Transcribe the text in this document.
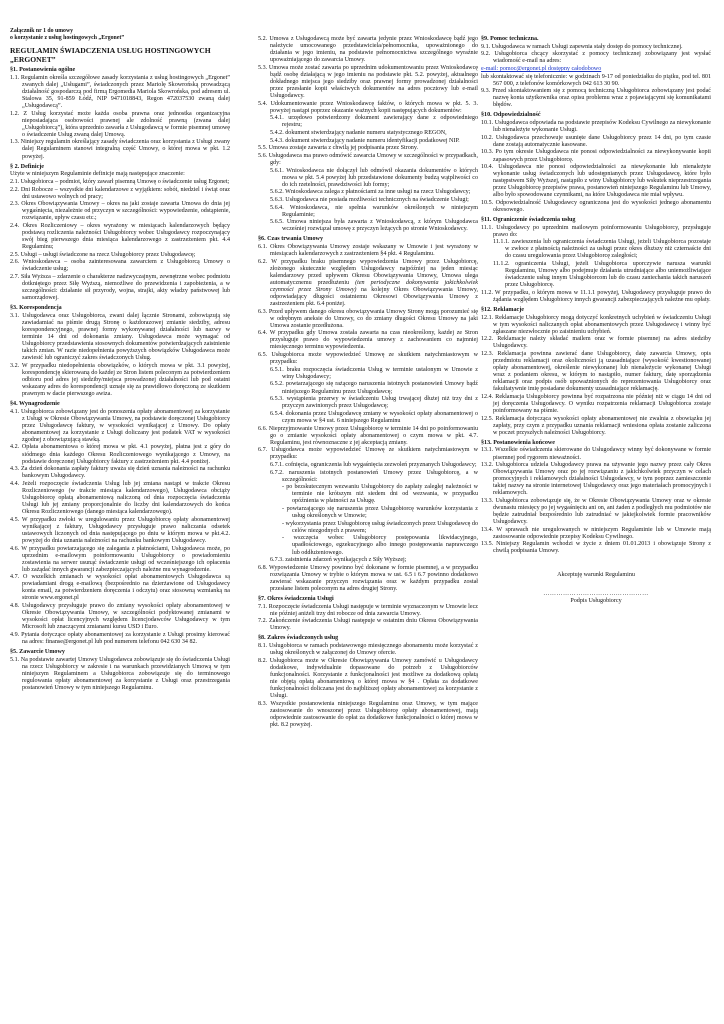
Załącznik nr 1 do umowy
o korzystanie z usług hostingowych „Ergonet”
REGULAMIN ŚWIADCZENIA USŁUG HOSTINGOWYCH „ERGONET”

§1. Postanowienia ogólne

1.1. Regulamin określa szczegółowe zasady korzystania z usług hostingowych „Ergonet” zwanych dalej „Usługami”, świadczonych przez Mariolę Skowrońską prowadzącą działalność gospodarczą pod firmą Ergomedia Mariola Skowrońska, pod adresem ul. Stalowa 35, 91-859 Łódź, NIP 9471018843, Regon 472037530 zwaną dalej „Usługodawcą”.

1.2. Z Usług korzystać może każda osoba prawna oraz jednostka organizacyjna nieposiadająca osobowości prawnej ale zdolność prawną (zwana dalej „Usługobiorcą”), która uprzednio zawarła z Usługodawcą w formie pisemnej umowę o świadczenie Usług zwaną dalej Umową.

1.3. Niniejszy regulamin określający zasady świadczenia oraz korzystania z Usługi zwany dalej Regulaminem stanowi integralną część Umowy, o której mowa w pkt. 1.2 powyżej.

§ 2. Definicje

Użyte w niniejszym Regulaminie definicje mają następujące znaczenie:

2.1. Usługobiorca – podmiot, który zawarł pisemną Umowę o świadczenie usług Ergonet;

2.2. Dni Robocze – wszystkie dni kalendarzowe z wyjątkiem: sobót, niedziel i świąt oraz dni ustawowo wolnych od pracy;

2.3. Okres Obowiązywania Umowy – okres na jaki zostaje zawarta Umowa do dnia jej wygaśnięcia, niezależnie od przyczyn w szczególności: wypowiedzenie, odstąpienie, rozwiązanie, upływ czasu etc.;

2.4. Okres Rozliczeniowy – okres wyrażony w miesiącach kalendarzowych będący podstawą rozliczenia należności Usługobiorcy wobec Usługodawcy rozpoczynający swój bieg pierwszego dnia miesiąca kalendarzowego z zastrzeżeniem pkt. 4.4 Regulaminu;

2.5. Usługi – usługi świadczone na rzecz Usługobiorcy przez Usługodawcę;

2.6. Wnioskodawca – osoba zainteresowana zawarciem z Usługobiorcą Umowy o świadczenie usług;

2.7. Siła Wyższa – zdarzenie o charakterze nadzwyczajnym, zewnętrzne wobec podmiotu dotkniętego przez Siłę Wyższą, niemożliwe do przewidzenia i zapobieżenia, a w szczególności: działanie sił przyrody, wojna, strajki, akty władzy państwowej lub samorządowej.

§3. Korespondencja

3.1. Usługodawca oraz Usługobiorca, zwani dalej łącznie Stronami, zobowiązują się zawiadamiać na piśmie drugą Stronę o każdorazowej zmianie siedziby, adresu korespondencyjnego, prawnej formy wykonywanej działalności lub nazwy w terminie 14 dni od dokonania zmiany. Usługodawca może wymagać od Usługobiorcy przedstawienia stosownych dokumentów potwierdzających zaistnienie takich zmian. W razie niedopełnienia powyższych obowiązków Usługodawca może zawiesić lub ograniczyć zakres świadczonych Usług.

3.2. W przypadku niedopełnienia obowiązków, o których mowa w pkt. 3.1 powyżej, korespondencję skierowaną do każdej ze Stron listem poleconym za potwierdzeniem odbioru pod adres jej siedziby/miejsca prowadzonej działalności lub pod ostatni wskazany adres do korespondencji uznaje się za prawidłowo doręczoną ze skutkiem prawnym w dacie pierwszego awiza.

§4. Wynagrodzenie

4.1. Usługobiorca zobowiązany jest do ponoszenia opłaty abonamentowej za korzystanie z Usługi w Okresie Obowiązywania Umowy, na podstawie doręczonej Usługobiorcy przez Usługodawcę faktury, w wysokości wynikającej z Umowy. Do opłaty abonamentowej za korzystanie z Usługi doliczany jest podatek VAT w wysokości zgodnej z obowiązującą stawką.

4.2. Opłata abonamentowa o której mowa w pkt. 4.1 powyżej, płatna jest z góry do siódmego dnia każdego Okresu Rozliczeniowego wynikającego z Umowy, na podstawie doręczonej Usługobiorcy faktury z zastrzeżeniem pkt. 4.4 poniżej.

4.3. Za dzień dokonania zapłaty faktury uważa się dzień uznania należności na rachunku bankowym Usługodawcy.

4.4. Jeżeli rozpoczęcie świadczenia Usług lub jej zmiana nastąpi w trakcie Okresu Rozliczeniowego (w trakcie miesiąca kalendarzowego), Usługodawca obciąży Usługobiorcę opłatą abonamentową naliczoną od dnia rozpoczęcia świadczenia Usługi lub jej zmiany proporcjonalnie do liczby dni kalendarzowych do końca Okresu Rozliczeniowego (danego miesiąca kalendarzowego).

4.5. W przypadku zwłoki w uregulowaniu przez Usługobiorcę opłaty abonamentowej wynikającej z faktury, Usługodawcy przysługuje prawo naliczania odsetek ustawowych liczonych od dnia następującego po dniu w którym mowa w pkt.4.2. powyżej do dnia uznania należności na rachunku bankowym Usługodawcy.

4.6. W przypadku powtarzającego się zalegania z płatnościami, Usługodawca może, po uprzednim e-mailowym poinformowaniu Usługobiorcy o powiadomieniu zostawienia na serwer usunąć świadczenie usługi od wcześniejszego ich opłacenia lub zażądać innych gwarancji zabezpieczających należne mu wynagrodzenie.

4.7. O wszelkich zmianach w wysokości opłat abonamentowych Usługodawca są powiadamiani drogą e-mailową (bezpośrednio na dzierżawione od Usługodawcy konta email, za potwierdzeniem doręczenia i odczytu) oraz stosowną wzmianką na stronie www.ergonet.pl

4.8. Usługodawcy przysługuje prawo do zmiany wysokości opłaty abonamentowej w Okresie Obowiązywania Umowy, w szczególności podyktowanej zmianami w wysokości opłat licencyjnych względem licencjodawców Usługodawcy w tym Microsoft lub znaczącymi zmianami kursu USD i Euro.

4.9. Pytania dotyczące opłaty abonamentowej za korzystanie z Usługi prosimy kierować na adres: finanse@ergonet.pl lub pod numerem telefonu 042 630 34 82.

§5. Zawarcie Umowy

5.1. Na podstawie zawartej Umowy Usługodawca zobowiązuje się do świadczenia Usługi na rzecz Usługobiorcy w zakresie i na warunkach przewidzianych Umową w tym niniejszym Regulaminem a Usługobiorca zobowiązuje się do terminowego regulowania opłaty abonamentowej za korzystanie z Usługi oraz przestrzegania postanowień Umowy w tym niniejszego Regulaminu.

5.2. Umowa z Usługodawcą może być zawarta jedynie przez Wnioskodawcę bądź jego należycie umocowanego przedstawiciela/pełnomocnika, upoważnionego do działania w jego imieniu, na podstawie pełnomocnictwa szczególnego wyraźnie upoważniającego do zawarcia Umowy.

5.3. Umowa może zostać zawarta po uprzednim udokumentowaniu przez Wnioskodawcę bądź osobę działającą w jego imieniu na podstawie pkt. 5.2. powyżej, aktualnego dokładnego miejsca jego siedziby oraz prawnej formy prowadzonej działalności przez przesłanie kopii właściwych dokumentów na adres pocztowy lub e-mail Usługodawcy.

5.4. Udokumentowanie przez Wnioskodawcę faktów, o których mowa w pkt. 5. 3. powyżej nastąpi poprzez okazanie ważnych kopii następujących dokumentów:

5.4.1. urzędowo potwierdzony dokument zawierający dane z odpowiedniego rejestru;

5.4.2. dokument stwierdzający nadanie numeru statystycznego REGON,

5.4.3. dokument stwierdzający nadanie numeru identyfikacji podatkowej NIP.

5.5. Umowa zostaje zawarta z chwilą jej podpisania przez Strony.

5.6. Usługodawca ma prawo odmówić zawarcia Umowy w szczególności w przypadkach, gdy:

5.6.1. Wnioskodawca nie dołączył lub odmówił okazania dokumentów o których mowa w pkt. 5.4 powyżej lub przedstawione dokumenty budzą wątpliwości co do ich rzetelności, prawdziwości lub formy;

5.6.2. Wnioskodawca zalega z płatnościami za inne usługi na rzecz Usługodawcy;

5.6.3. Usługodawca nie posiada możliwości technicznych na świadczenie Usługi;

5.6.4. Wnioskodawca, nie spełnia warunków określonych w niniejszym Regulaminie;

5.6.5. Umowa niniejsza była zawarta z Wnioskodawcą, z którym Usługodawca wcześniej rozwiązał umowę z przyczyn leżących po stronie Wnioskodawcy.

§6. Czas trwania Umowy

6.1. Okres Obowiązywania Umowy zostaje wskazany w Umowie i jest wyrażony w miesiącach kalendarzowych z zastrzeżeniem §4 pkt. 4 Regulaminu.

6.2. W przypadku braku pisemnego wypowiedzenia Umowy przez Usługobiorcę, złożonego skutecznie względem Usługodawcy najpóźniej na jeden miesiąc kalendarzowy przed upływem Okresu Obowiązywania Umowy, Umowa ulega automatycznemu przedłużeniu (ten periodyczne dokonywania jakichkolwiek czynności przez Strony Umowy) na kolejny Okres Obowiązywania Umowy, odpowiadający długości ostatniemu Okresowi Obowiązywania Umowy z zastrzeżeniem pkt. 6.4 poniżej.

6.3. Przed upływem danego okresu obowiązywania Umowy Strony mogą porozumieć się w odrębnym aneksie do Umowy, co do zmiany długości Okresu Umowy na jaki Umowa zostanie przedłużona.

6.4. W przypadku gdy Umowa została zawarta na czas nieokreślony, każdej ze Stron przysługuje prawo do wypowiedzenia umowy z zachowaniem co najmniej miesięcznego terminu wypowiedzenia.

6.5. Usługobiorca może wypowiedzieć Umowę ze skutkiem natychmiastowym w przypadku:

6.5.1. braku rozpoczęcia świadczenia Usług w terminie ustalonym w Umowie z winy Usługodawcy;

6.5.2. powtarzającego się rażącego naruszenia istotnych postanowień Umowy bądź niniejszego Regulaminu przez Usługodawcę;

6.5.3. wystąpienia przerwy w świadczeniu Usług trwającej dłużej niż trzy dni z przyczyn zawinionych przez Usługodawcę;

6.5.4. dokonania przez Usługodawcę zmiany w wysokości opłaty abonamentowej o czym mowa w §4 ust. 6 niniejszego Regulaminu

6.6. Nieprzyjmowanie Umowy przez Usługobiorcę w terminie 14 dni po poinformowaniu go o zmianie wysokości opłaty abonamentowej o czym mowa w pkt. 4.7. Regulaminu, jest równoznaczne z jej akceptacją zmiany.

6.7. Usługodawca może wypowiedzieć Umowę ze skutkiem natychmiastowym w przypadku:

6.7.1. cofnięcia, ograniczenia lub wygaśnięcia zezwoleń przyznanych Usługodawcy;

6.7.2. naruszenia istotnych postanowień Umowy przez Usługobiorcę, a w szczególności:

- po bezskutecznym wezwaniu Usługobiorcy do zapłaty zaległej należności w terminie nie krótszym niż siedem dni od wezwania, w przypadku opóźnienia w płatności za Usługę.

- powtarzającego się naruszenia przez Usługobiorcę warunków korzystania z usług określonych w Umowie;

- wykorzystania przez Usługobiorcę usług świadczonych przez Usługodawcę do celów niezgodnych z prawem;

- wszczęcia wobec Usługobiorcy postępowania likwidacyjnego, upadłościowego, egzekucyjnego albo innego postępowania naprawczego lub oddłużeniowego.

6.7.3. zaistnienia zdarzeń wynikających z Siły Wyższej;

6.8. Wypowiedzenie Umowy powinno być dokonane w formie pisemnej, a w przypadku rozwiązania Umowy w trybie o którym mowa w ust. 6.5 i 6.7 powinno dodatkowo zawierać wskazanie przyczyn rozwiązania oraz w każdym przypadku został przesłane listem poleconym na adres drugiej Strony.

§7. Okres świadczenia Usługi

7.1. Rozpoczęcie świadczenia Usługi następuje w terminie wyznaczonym w Umowie lecz nie później aniżeli trzy dni robocze od dnia zawarcia Umowy.

7.2. Zakończenie świadczenia Usługi następuje w ostatnim dniu Okresu Obowiązywania Umowy.

§8. Zakres świadczonych usług

8.1. Usługobiorca w ramach podstawowego miesięcznego abonamentu może korzystać z usług określonych w załączonej do Umowy ofercie.

8.2. Usługobiorca może w Okresie Obowiązywania Umowy zamówić u Usługodawcy dodatkowe, indywidualnie dopasowane do potrzeb z Usługobiorców funkcjonalności. Korzystanie z funkcjonalności jest możliwe za dodatkową opłatą nie objętą opłatą abonamentową o której mowa w §4 . Opłata za dodatkowe funkcjonalności doliczana jest do najbliższej opłaty abonamentowej za korzystanie z Usługi.

8.3. Wszystkie postanowienia niniejszego Regulaminu oraz Umowy, w tym mające zastosowanie do wnoszonej przez Usługobiorcę opłaty abonamentowej, mają odpowiednie zastosowanie do opłat za dodatkowe funkcjonalności o której mowa w pkt. 8.2 powyżej.

§9. Pomoc techniczna.

9.1. Usługodawca w ramach Usługi zapewnia stały dostęp do pomocy technicznej.

9.2. Usługobiorca chcący skorzystać z pomocy technicznej zobowiązany jest wysłać wiadomość e-mail na adres:

e-mail: pomoc@ergonet.pl dostępny całodobowo

lub skontaktować się telefonicznie: w godzinach 9-17 od poniedziałku do piątku, pod tel. 801 567 000, z telefonów komórkowych 042 613 30 90.

9.3. Przed skontaktowaniem się z pomocą techniczną Usługobiorca zobowiązany jest podać nazwę konta użytkownika oraz opisu problemu wraz z pojawiającymi się komunikatami błędów.

§10. Odpowiedzialność

10.1. Usługodawca odpowiada na podstawie przepisów Kodeksu Cywilnego za niewykonanie lub nienależyte wykonanie Usługi.

10.2. Usługodawca przechowuje usunięte dane Usługobiorcy przez 14 dni, po tym czasie dane zostają automatycznie kasowane.

10.3. Po tym okresie Usługodawca nie ponosi odpowiedzialności za niewykonywanie kopii zapasowych przez Usługobiorcę.

10.4. Usługodawca nie ponosi odpowiedzialności za niewykonanie lub nienależyte wykonanie usług świadczonych lub udostępnianych przez Usługodawcę, które było następstwem Siły Wyższej, nastąpiło z winy Usługobiorcy lub wskutek nieprzestrzegania przez Usługobiorcę przepisów prawa, postanowień niniejszego Regulaminu lub Umowy, albo było spowodowane czynnikami, na które Usługodawca nie miał wpływu.

10.5. Odpowiedzialność Usługodawcy ograniczona jest do wysokości jednego abonamentu okresowego.

§11. Ograniczenie świadczenia usług

11.1. Usługodawcy po uprzednim mailowym poinformowaniu Usługobiorcy, przysługuje prawo do:

11.1.1. zawieszenia lub ograniczenia świadczenia Usługi, jeżeli Usługobiorca pozostaje w zwłoce z płatnością należności za usługi przez okres dłuższy niż czternaście dni do czasu uregulowania przez Usługobiorcę zaległości;

11.1.2. ograniczenia Usługi, jeżeli Usługobiorca uporczywie narusza warunki Regulaminu, Umowy albo podejmuje działania utrudniające albo uniemożliwiające świadczenie usług innym Usługobiorcom lub do czasu zaniechania takich naruszeń przez Usługobiorcę.

11.2. W przypadku, o którym mowa w 11.1.1 powyżej, Usługodawcy przysługuje prawo do żądania względem Usługobiorcy innych gwarancji zabezpieczających należne mu opłaty.

§12. Reklamacje

12.1. Reklamacje Usługobiorcy mogą dotyczyć konkretnych uchybień w świadczeniu Usługi w tym wysokości naliczanych opłat abonamentowych przez Usługodawcę i winny być zgłaszane niezwłocznie po zaistnieniu uchybień.

12.2. Reklamacje należy składać mailem oraz w formie pisemnej na adres siedziby Usługodawcy.

12.3. Reklamacja powinna zawierać dane Usługobiorcy, datę zawarcia Umowy, opis przedmiotu reklamacji oraz okoliczności ją uzasadniające (wysokość kwestionowanej opłaty abonamentowej, określenie niewykonanej lub nienależycie wykonanej Usługi wraz z podaniem okresu, w którym to nastąpiło, numer faktury, datę sporządzenia reklamacji oraz podpis osób upoważnionych do reprezentowania Usługobiorcy oraz fakultatywnie imię posiadane dokumenty uzasadniające reklamację.

12.4. Reklamacja Usługobiorcy powinna być rozpatrzona nie później niż w ciągu 14 dni od jej doręczenia Usługodawcy. O wyniku rozpatrzenia reklamacji Usługobiorca zostaje poinformowany na piśmie.

12.5. Reklamacja dotycząca wysokości opłaty abonamentowej nie zwalnia z obowiązku jej zapłaty, przy czym z przypadku uznania reklamacji wniesiona opłata zostanie zaliczona w poczet przyszłych należności Usługobiorcy.

§13. Postanowienia końcowe

13.1. Wszelkie oświadczenia skierowane do Usługodawcy winny być dokonywane w formie pisemnej pod rygorem nieważności.

13.2. Usługobiorca udziela Usługodawcy prawa na używanie jego nazwy przez cały Okres Obowiązywania Umowy oraz po jej rozwiązaniu z jakichkolwiek przyczyn w celach promocyjnych i reklamowych działalności Usługodawcy, w tym poprzez zamieszczenie takiej nazwy na stronie internetowej Usługodawcy oraz jego materiałach promocyjnych i reklamowych.

13.3. Usługobiorca zobowiązuje się, że w Okresie Obowiązywania Umowy oraz w okresie dwunastu miesięcy po jej wygaśnięciu ani on, ani żaden z podległych mu podmiotów nie będzie zatrudniał bezpośrednio lub zatrudniać w jakiejkolwiek formie pracowników Usługodawcy.

13.4. W sprawach nie uregulowanych w niniejszym Regulaminie lub w Umowie mają zastosowanie odpowiednie przepisy Kodeksu Cywilnego.

13.5. Niniejszy Regulamin wchodzi w życie z dniem 01.01.2013 i obowiązuje Strony z chwilą podpisania Umowy.

Akceptuję warunki Regulaminu

…………………………………………

Podpis Usługobiorcy
